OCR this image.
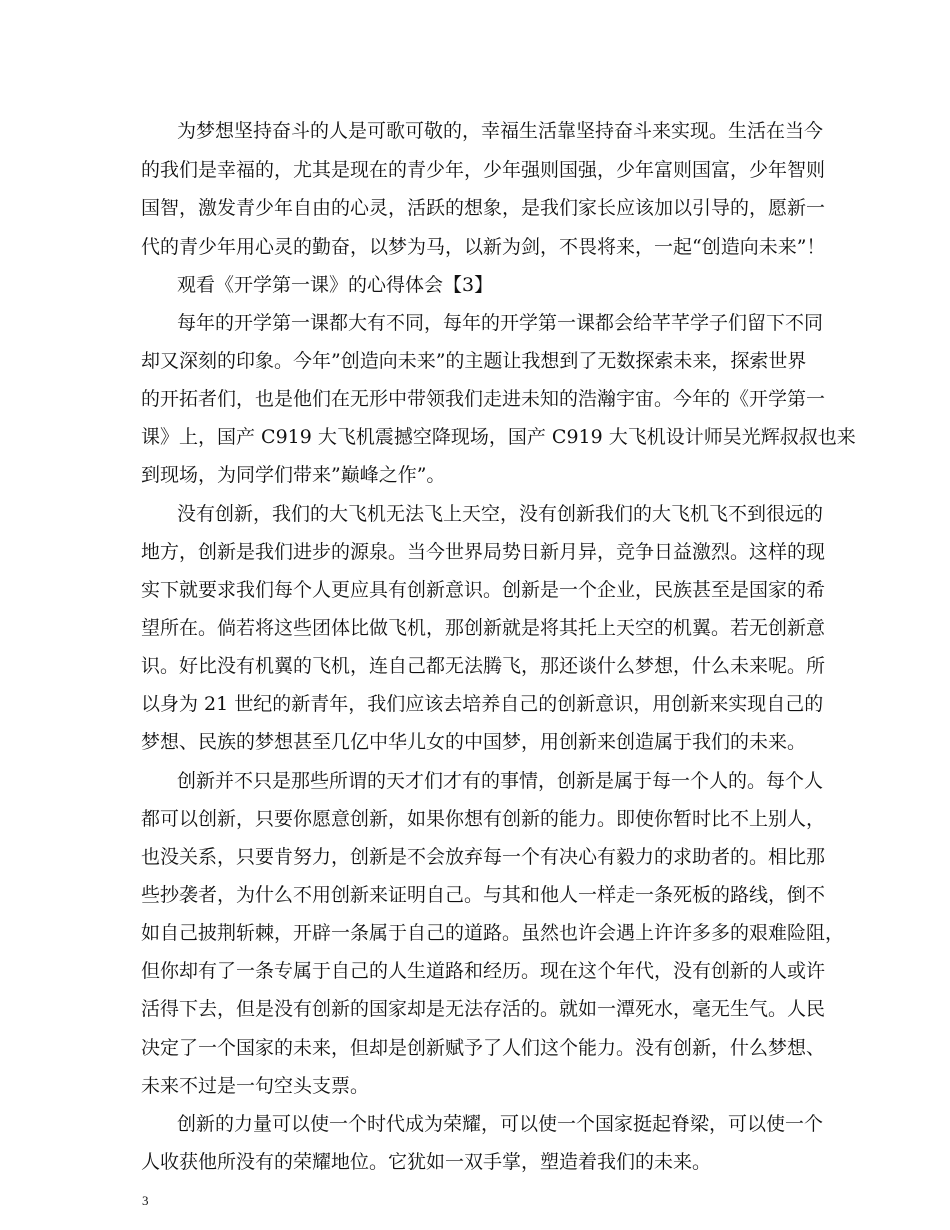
为梦想坚持奋斗的人是可歌可敬的，幸福生活靠坚持奋斗来实现。生活在当今
的我们是幸福的，尤其是现在的青少年，少年强则国强，少年富则国富，少年智则
国智，激发青少年自由的心灵，活跃的想象，是我们家长应该加以引导的，愿新一
代的青少年用心灵的勤奋，以梦为马，以新为剑，不畏将来，一起“创造向未来”！
观看《开学第一课》的心得体会【3】
每年的开学第一课都大有不同，每年的开学第一课都会给芊芊学子们留下不同
却又深刻的印象。今年”创造向未来”的主题让我想到了无数探索未来，探索世界
的开拓者们，也是他们在无形中带领我们走进未知的浩瀚宇宙。今年的《开学第一
课》上，国产 C919 大飞机震撼空降现场，国产 C919 大飞机设计师吴光辉叔叔也来
到现场，为同学们带来”巅峰之作”。
没有创新，我们的大飞机无法飞上天空，没有创新我们的大飞机飞不到很远的
地方，创新是我们进步的源泉。当今世界局势日新月异，竞争日益激烈。这样的现
实下就要求我们每个人更应具有创新意识。创新是一个企业，民族甚至是国家的希
望所在。倘若将这些团体比做飞机，那创新就是将其托上天空的机翼。若无创新意
识。好比没有机翼的飞机，连自己都无法腾飞，那还谈什么梦想，什么未来呢。所
以身为 21 世纪的新青年，我们应该去培养自己的创新意识，用创新来实现自己的
梦想、民族的梦想甚至几亿中华儿女的中国梦，用创新来创造属于我们的未来。
创新并不只是那些所谓的天才们才有的事情，创新是属于每一个人的。每个人
都可以创新，只要你愿意创新，如果你想有创新的能力。即使你暂时比不上别人，
也没关系，只要肯努力，创新是不会放弃每一个有决心有毅力的求助者的。相比那
些抄袭者，为什么不用创新来证明自己。与其和他人一样走一条死板的路线，倒不
如自己披荆斩棘，开辟一条属于自己的道路。虽然也许会遇上许许多多的艰难险阻，
但你却有了一条专属于自己的人生道路和经历。现在这个年代，没有创新的人或许
活得下去，但是没有创新的国家却是无法存活的。就如一潭死水，毫无生气。人民
决定了一个国家的未来，但却是创新赋予了人们这个能力。没有创新，什么梦想、
未来不过是一句空头支票。
创新的力量可以使一个时代成为荣耀，可以使一个国家挺起脊梁，可以使一个
人收获他所没有的荣耀地位。它犹如一双手掌，塑造着我们的未来。
3
